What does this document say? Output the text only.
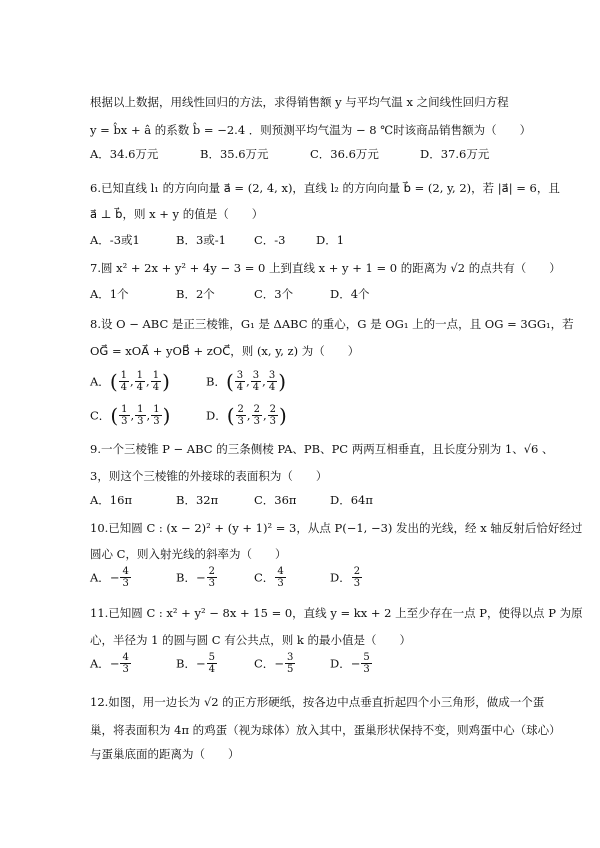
根据以上数据，用线性回归的方法，求得销售额 y 与平均气温 x 之间线性回归方程
y = b̂x + â 的系数 b̂ = −2.4 ．则预测平均气温为 − 8 ℃时该商品销售额为（　　）
A．34.6万元	B．35.6万元	C．36.6万元	D．37.6万元
6.已知直线 l₁ 的方向向量 a⃗ = (2, 4, x)，直线 l₂ 的方向向量 b⃗ = (2, y, 2)，若 |a⃗| = 6，且
a⃗ ⊥ b⃗，则 x + y 的值是（　　）
A．-3或1	B．3或-1 C．-3	D．1
7.圆 x² + 2x + y² + 4y − 3 = 0 上到直线 x + y + 1 = 0 的距离为 √2 的点共有（　　）
A．1个	B．2个	C．3个	D．4个
8.设 O − ABC 是正三棱锥，G₁ 是 ΔABC 的重心，G 是 OG₁ 上的一点，且 OG = 3GG₁，若
OG⃗ = xOA⃗ + yOB⃗ + zOC⃗，则 (x, y, z) 为（　　）
A．( $\frac{1}{4}$ , $\frac{1}{4}$ , $\frac{1}{4}$ )	B．( $\frac{3}{4}$ , $\frac{3}{4}$ , $\frac{3}{4}$ )
C．( $\frac{1}{3}$ , $\frac{1}{3}$ , $\frac{1}{3}$ )	D．( $\frac{2}{3}$ , $\frac{2}{3}$ , $\frac{2}{3}$ )
9.一个三棱锥 P − ABC 的三条侧棱 PA、PB、PC 两两互相垂直，且长度分别为 1、√6 、
3，则这个三棱锥的外接球的表面积为（　　）
A．16π	B．32π	C．36π	D．64π
10.已知圆 C : (x − 2)² + (y + 1)² = 3，从点 P(−1, −3) 发出的光线，经 x 轴反射后恰好经过
圆心 C，则入射光线的斜率为（　　）
A．− $\frac{4}{3}$	B．− $\frac{2}{3}$	C． $\frac{4}{3}$	D． $\frac{2}{3}$
11.已知圆 C : x² + y² − 8x + 15 = 0，直线 y = kx + 2 上至少存在一点 P，使得以点 P 为原
心，半径为 1 的圆与圆 C 有公共点，则 k 的最小值是（　　）
A．− $\frac{4}{3}$	B．− $\frac{5}{4}$	C．− $\frac{3}{5}$	D．− $\frac{5}{3}$
12.如图，用一边长为 √2 的正方形硬纸，按各边中点垂直折起四个小三角形，做成一个蛋
巢，将表面积为 4π 的鸡蛋（视为球体）放入其中，蛋巢形状保持不变，则鸡蛋中心（球心）
与蛋巢底面的距离为（　　）
